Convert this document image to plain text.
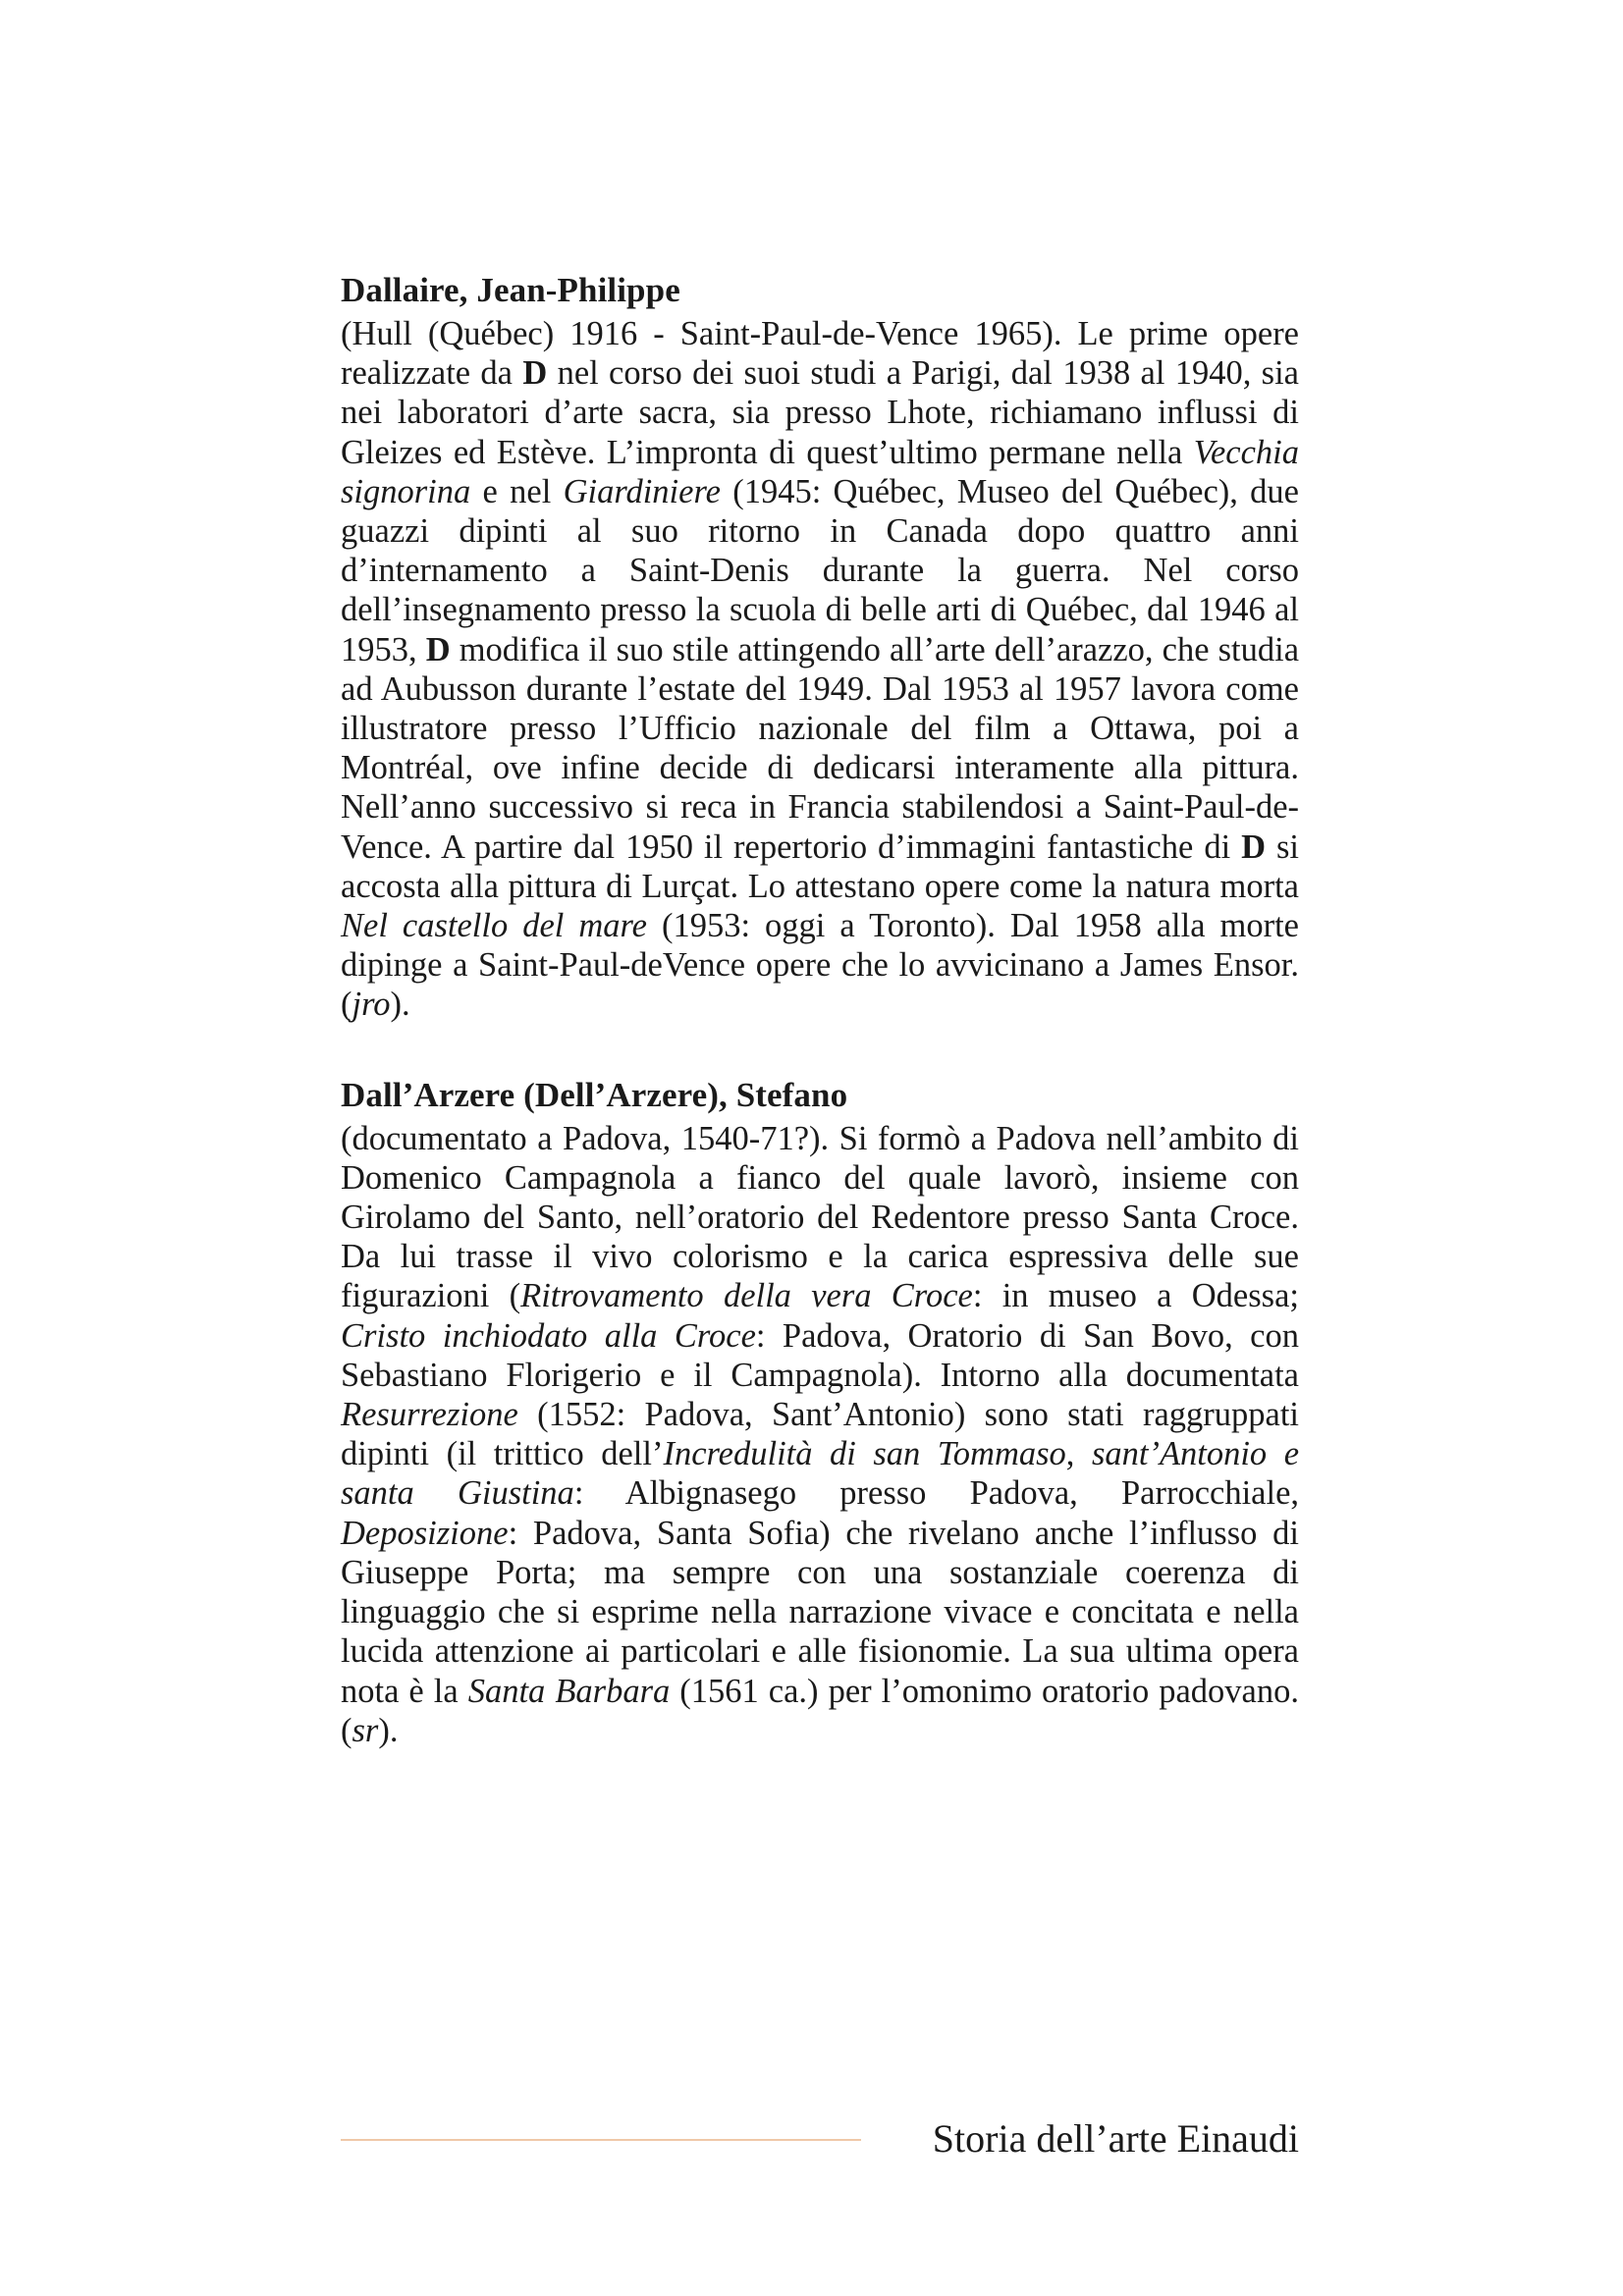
Dallaire, Jean-Philippe

(Hull (Québec) 1916 - Saint-Paul-de-Vence 1965). Le prime opere realizzate da D nel corso dei suoi studi a Parigi, dal 1938 al 1940, sia nei laboratori d’arte sacra, sia presso Lhote, richiamano influssi di Gleizes ed Estève. L’impronta di quest’ultimo permane nella Vecchia signorina e nel Giardiniere (1945: Québec, Museo del Québec), due guazzi dipinti al suo ritorno in Canada dopo quattro anni d’internamento a Saint-Denis durante la guerra. Nel corso dell’insegnamento presso la scuola di belle arti di Québec, dal 1946 al 1953, D modifica il suo stile attingendo all’arte dell’arazzo, che studia ad Aubusson durante l’estate del 1949. Dal 1953 al 1957 lavora come illustratore presso l’Ufficio nazionale del film a Ottawa, poi a Montréal, ove infine decide di dedicarsi interamente alla pittura. Nell’anno successivo si reca in Francia stabilendosi a Saint-Paul-de-Vence. A partire dal 1950 il repertorio d’immagini fantastiche di D si accosta alla pittura di Lurçat. Lo attestano opere come la natura morta Nel castello del mare (1953: oggi a Toronto). Dal 1958 alla morte dipinge a Saint-Paul-deVence opere che lo avvicinano a James Ensor. (jro).

Dall’Arzere (Dell’Arzere), Stefano

(documentato a Padova, 1540-71?). Si formò a Padova nell’ambito di Domenico Campagnola a fianco del quale lavorò, insieme con Girolamo del Santo, nell’oratorio del Redentore presso Santa Croce. Da lui trasse il vivo colorismo e la carica espressiva delle sue figurazioni (Ritrovamento della vera Croce: in museo a Odessa; Cristo inchiodato alla Croce: Padova, Oratorio di San Bovo, con Sebastiano Florigerio e il Campagnola). Intorno alla documentata Resurrezione (1552: Padova, Sant’Antonio) sono stati raggruppati dipinti (il trittico dell’Incredulità di san Tommaso, sant’Antonio e santa Giustina: Albignasego presso Padova, Parrocchiale, Deposizione: Padova, Santa Sofia) che rivelano anche l’influsso di Giuseppe Porta; ma sempre con una sostanziale coerenza di linguaggio che si esprime nella narrazione vivace e concitata e nella lucida attenzione ai particolari e alle fisionomie. La sua ultima opera nota è la Santa Barbara (1561 ca.) per l’omonimo oratorio padovano. (sr).

Storia dell’arte Einaudi
